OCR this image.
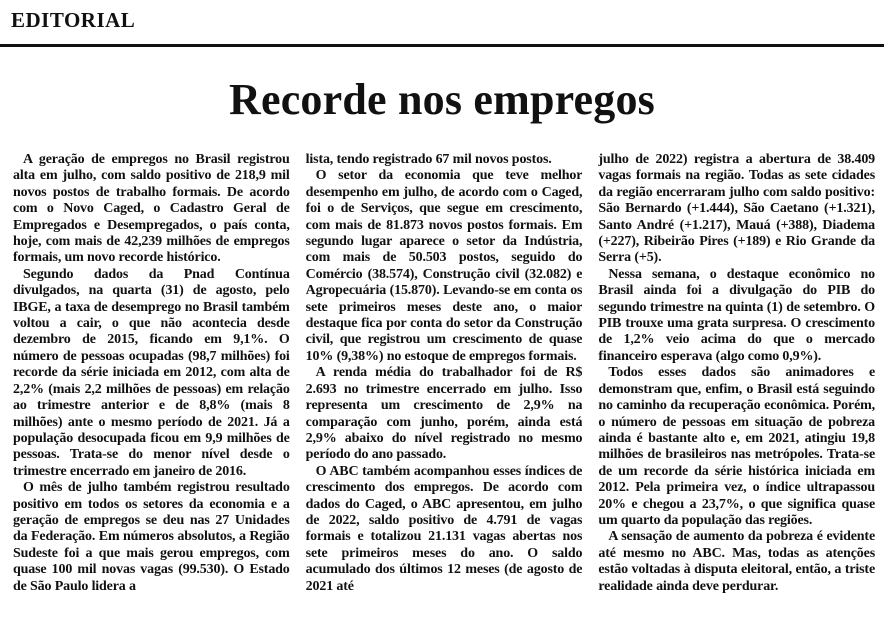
EDITORIAL
Recorde nos empregos

A geração de empregos no Brasil registrou alta em julho, com saldo positivo de 218,9 mil novos postos de trabalho formais. De acordo com o Novo Caged, o Cadastro Geral de Empregados e Desempregados, o país conta, hoje, com mais de 42,239 milhões de empregos formais, um novo recorde histórico.

Segundo dados da Pnad Contínua divulgados, na quarta (31) de agosto, pelo IBGE, a taxa de desemprego no Brasil também voltou a cair, o que não acontecia desde dezembro de 2015, ficando em 9,1%. O número de pessoas ocupadas (98,7 milhões) foi recorde da série iniciada em 2012, com alta de 2,2% (mais 2,2 milhões de pessoas) em relação ao trimestre anterior e de 8,8% (mais 8 milhões) ante o mesmo período de 2021. Já a população desocupada ficou em 9,9 milhões de pessoas. Trata-se do menor nível desde o trimestre encerrado em janeiro de 2016.

O mês de julho também registrou resultado positivo em todos os setores da economia e a geração de empregos se deu nas 27 Unidades da Federação. Em números absolutos, a Região Sudeste foi a que mais gerou empregos, com quase 100 mil novas vagas (99.530). O Estado de São Paulo lidera a

lista, tendo registrado 67 mil novos postos.

O setor da economia que teve melhor desempenho em julho, de acordo com o Caged, foi o de Serviços, que segue em crescimento, com mais de 81.873 novos postos formais. Em segundo lugar aparece o setor da Indústria, com mais de 50.503 postos, seguido do Comércio (38.574), Construção civil (32.082) e Agropecuária (15.870). Levando-se em conta os sete primeiros meses deste ano, o maior destaque fica por conta do setor da Construção civil, que registrou um crescimento de quase 10% (9,38%) no estoque de empregos formais.

A renda média do trabalhador foi de R$ 2.693 no trimestre encerrado em julho. Isso representa um crescimento de 2,9% na comparação com junho, porém, ainda está 2,9% abaixo do nível registrado no mesmo período do ano passado.

O ABC também acompanhou esses índices de crescimento dos empregos. De acordo com dados do Caged, o ABC apresentou, em julho de 2022, saldo positivo de 4.791 de vagas formais e totalizou 21.131 vagas abertas nos sete primeiros meses do ano. O saldo acumulado dos últimos 12 meses (de agosto de 2021 até

julho de 2022) registra a abertura de 38.409 vagas formais na região. Todas as sete cidades da região encerraram julho com saldo positivo: São Bernardo (+1.444), São Caetano (+1.321), Santo André (+1.217), Mauá (+388), Diadema (+227), Ribeirão Pires (+189) e Rio Grande da Serra (+5).

Nessa semana, o destaque econômico no Brasil ainda foi a divulgação do PIB do segundo trimestre na quinta (1) de setembro. O PIB trouxe uma grata surpresa. O crescimento de 1,2% veio acima do que o mercado financeiro esperava (algo como 0,9%).

Todos esses dados são animadores e demonstram que, enfim, o Brasil está seguindo no caminho da recuperação econômica. Porém, o número de pessoas em situação de pobreza ainda é bastante alto e, em 2021, atingiu 19,8 milhões de brasileiros nas metrópoles. Trata-se de um recorde da série histórica iniciada em 2012. Pela primeira vez, o índice ultrapassou 20% e chegou a 23,7%, o que significa quase um quarto da população das regiões.

A sensação de aumento da pobreza é evidente até mesmo no ABC. Mas, todas as atenções estão voltadas à disputa eleitoral, então, a triste realidade ainda deve perdurar.
